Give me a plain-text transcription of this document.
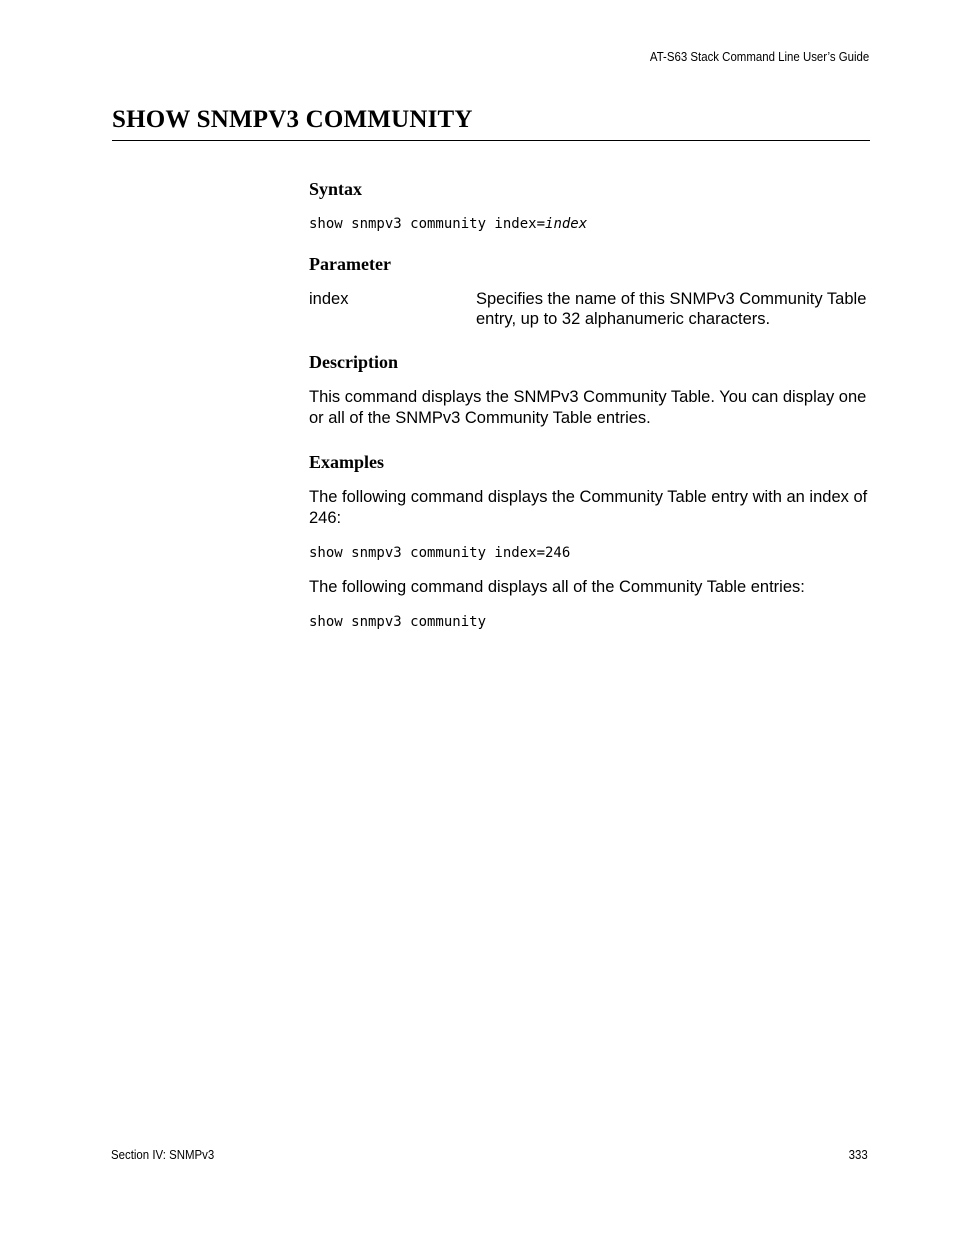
AT-S63 Stack Command Line User’s Guide
SHOW SNMPV3 COMMUNITY
Syntax

show snmpv3 community index=index

Parameter
index	Specifies the name of this SNMPv3 Community Table entry, up to 32 alphanumeric characters.
Description

This command displays the SNMPv3 Community Table. You can display one or all of the SNMPv3 Community Table entries.

Examples

The following command displays the Community Table entry with an index of 246:

show snmpv3 community index=246

The following command displays all of the Community Table entries:

show snmpv3 community

Section IV: SNMPv3	333
